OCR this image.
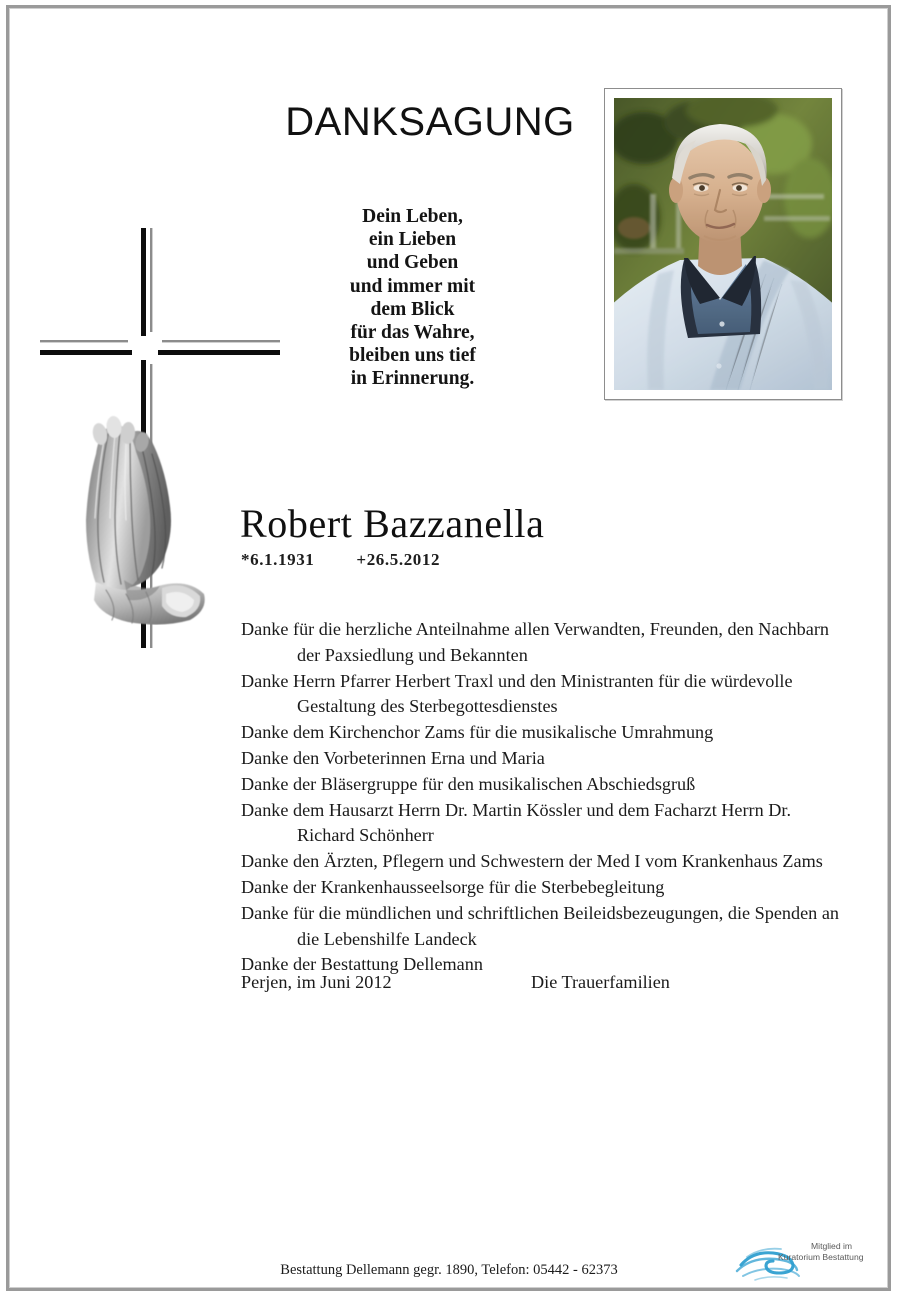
DANKSAGUNG
Dein Leben,
ein Lieben
und Geben
und immer mit
dem Blick
für das Wahre,
bleiben uns tief
in Erinnerung.
Robert Bazzanella
*6.1.1931 +26.5.2012

Danke für die herzliche Anteilnahme allen Verwandten, Freunden, den Nachbarn der Paxsiedlung und Bekannten

Danke Herrn Pfarrer Herbert Traxl und den Ministranten für die würdevolle Gestaltung des Sterbegottesdienstes

Danke dem Kirchenchor Zams für die musikalische Umrahmung

Danke den Vorbeterinnen Erna und Maria

Danke der Bläsergruppe für den musikalischen Abschiedsgruß

Danke dem Hausarzt Herrn Dr. Martin Kössler und dem Facharzt Herrn Dr. Richard Schönherr

Danke den Ärzten, Pflegern und Schwestern der Med I vom Krankenhaus Zams

Danke der Krankenhausseelsorge für die Sterbebegleitung

Danke für die mündlichen und schriftlichen Beileidsbezeugungen, die Spenden an die Lebenshilfe Landeck

Danke der Bestattung Dellemann

Perjen, im Juni 2012	Die Trauerfamilien
Bestattung Dellemann gegr. 1890, Telefon: 05442 - 62373
Mitglied im
Kuratorium Bestattung
